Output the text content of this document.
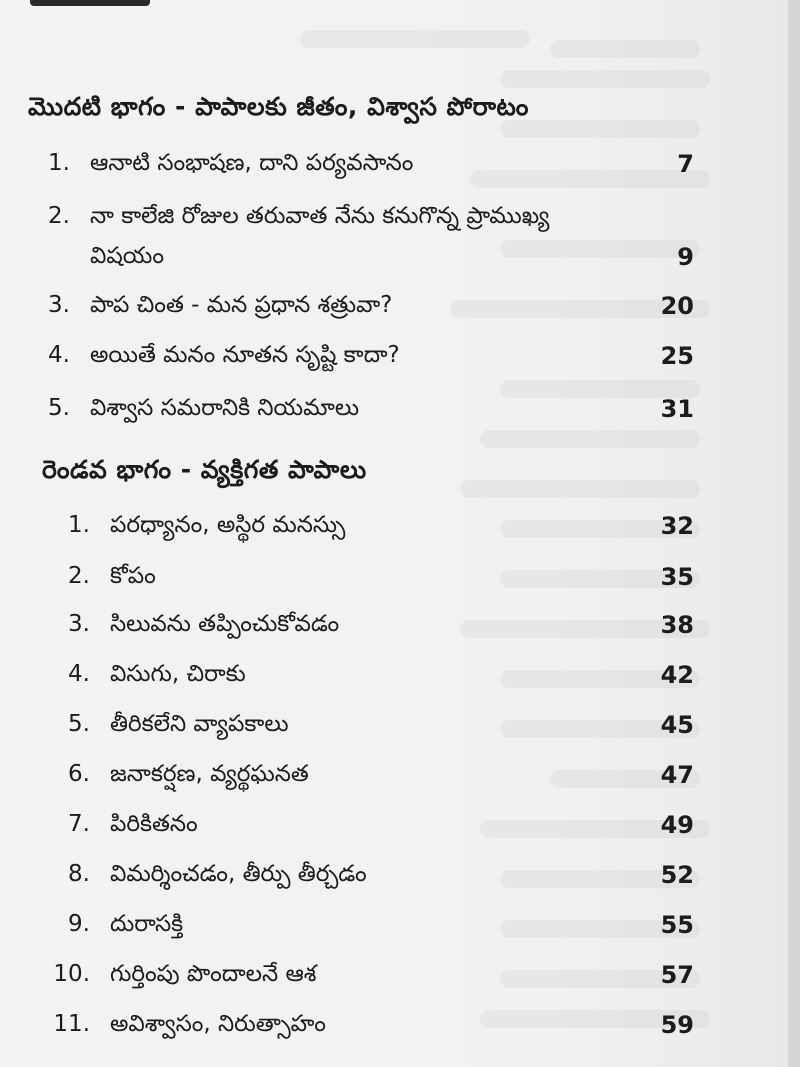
మొదటి భాగం - పాపాలకు జీతం, విశ్వాస పోరాటం
1. ఆనాటి సంభాషణ, దాని పర్యవసానం	7
2. నా కాలేజి రోజుల తరువాత నేను కనుగొన్న ప్రాముఖ్య
విషయం	9
3. పాప చింత - మన ప్రధాన శత్రువా?	20
4. అయితే మనం నూతన సృష్టి కాదా?	25
5. విశ్వాస సమరానికి నియమాలు	31
రెండవ భాగం - వ్యక్తిగత పాపాలు
1. పరధ్యానం, అస్థిర మనస్సు	32
2. కోపం	35
3. సిలువను తప్పించుకోవడం	38
4. విసుగు, చిరాకు	42
5. తీరికలేని వ్యాపకాలు	45
6. జనాకర్షణ, వ్యర్థఘనత	47
7. పిరికితనం	49
8. విమర్శించడం, తీర్పు తీర్చడం	52
9. దురాసక్తి	55
10. గుర్తింపు పొందాలనే ఆశ	57
11. అవిశ్వాసం, నిరుత్సాహం	59
